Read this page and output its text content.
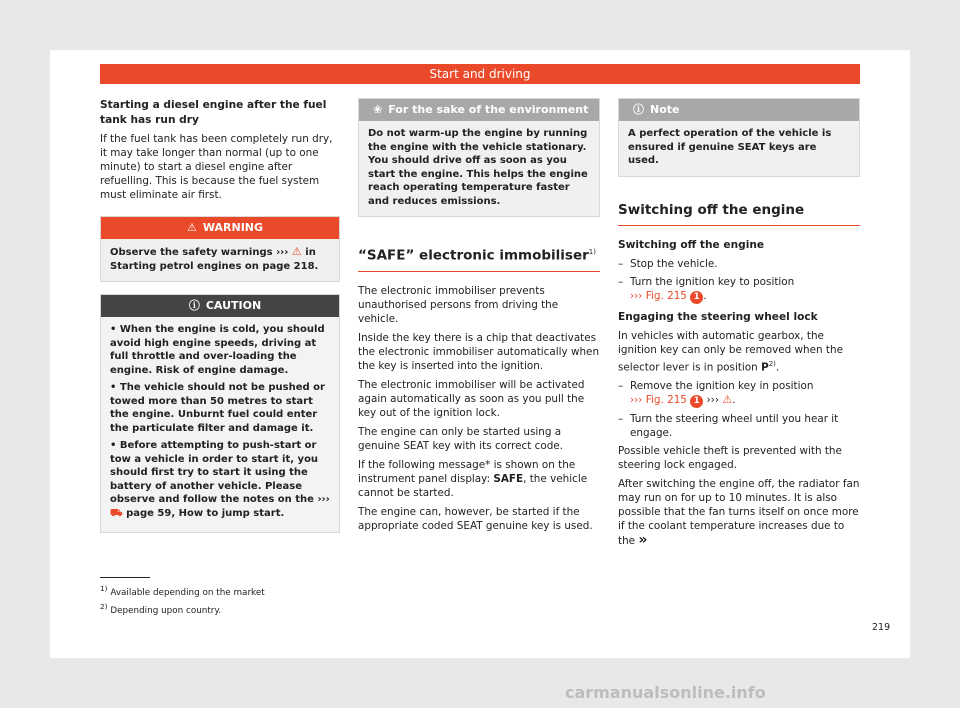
Start and driving
Starting a diesel engine after the fuel tank has run dry

If the fuel tank has been completely run dry, it may take longer than normal (up to one minute) to start a diesel engine after refuelling. This is because the fuel system must eliminate air first.

⚠ WARNING
Observe the safety warnings ››› ⚠ in Starting petrol engines on page 218.
ⓘ CAUTION
• When the engine is cold, you should avoid high engine speeds, driving at full throttle and over-loading the engine. Risk of engine damage.
• The vehicle should not be pushed or towed more than 50 metres to start the engine. Unburnt fuel could enter the particulate filter and damage it.
• Before attempting to push-start or tow a vehicle in order to start it, you should first try to start it using the battery of another vehicle. Please observe and follow the notes on the ››› ⛟ page 59, How to jump start.
❀ For the sake of the environment
Do not warm-up the engine by running the engine with the vehicle stationary. You should drive off as soon as you start the engine. This helps the engine reach operating temperature faster and reduces emissions.
“SAFE” electronic immobiliser$^{1)}$

The electronic immobiliser prevents unauthorised persons from driving the vehicle.

Inside the key there is a chip that deactivates the electronic immobiliser automatically when the key is inserted into the ignition.

The electronic immobiliser will be activated again automatically as soon as you pull the key out of the ignition lock.

The engine can only be started using a genuine SEAT key with its correct code.

If the following message* is shown on the instrument panel display: SAFE, the vehicle cannot be started.

The engine can, however, be started if the appropriate coded SEAT genuine key is used.

ⓘ Note
A perfect operation of the vehicle is ensured if genuine SEAT keys are used.
Switching off the engine
Switching off the engine
– Stop the vehicle.
– Turn the ignition key to position
››› Fig. 215 1 .
Engaging the steering wheel lock

In vehicles with automatic gearbox, the ignition key can only be removed when the selector lever is in position $P^{2)}$.

– Remove the ignition key in position
››› Fig. 215 1 ››› ⚠.
– Turn the steering wheel until you hear it engage.

Possible vehicle theft is prevented with the steering lock engaged.

After switching the engine off, the radiator fan may run on for up to 10 minutes. It is also possible that the fan turns itself on once more if the coolant temperature increases due to the »

$^{1)}$ Available depending on the market
$^{2)}$ Depending upon country.
219
carmanualsonline.info
